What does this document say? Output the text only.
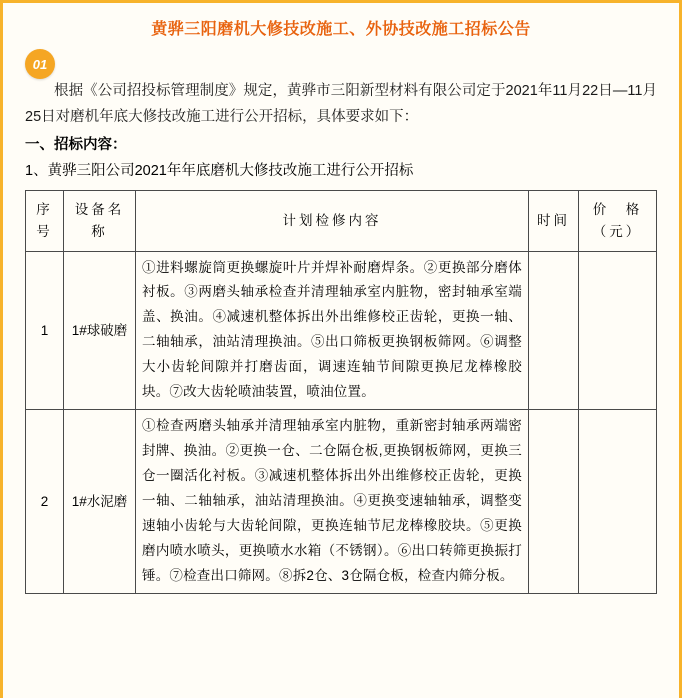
黄骅三阳磨机大修技改施工、外协技改施工招标公告
01

根据《公司招投标管理制度》规定，黄骅市三阳新型材料有限公司定于2021年11月22日—11月25日对磨机年底大修技改施工进行公开招标，具体要求如下：

一、招标内容：

1、黄骅三阳公司2021年年底磨机大修技改施工进行公开招标

序号	设备名称	计划检修内容	时间	价　格（元）
1	1#球破磨	①进料螺旋筒更换螺旋叶片并焊补耐磨焊条。②更换部分磨体衬板。③两磨头轴承检查并清理轴承室内脏物，密封轴承室端盖、换油。④减速机整体拆出外出维修校正齿轮，更换一轴、二轴轴承，油站清理换油。⑤出口筛板更换钢板筛网。⑥调整大小齿轮间隙并打磨齿面，调速连轴节间隙更换尼龙棒橡胶块。⑦改大齿轮喷油装置，喷油位置。		
2	1#水泥磨	①检查两磨头轴承并清理轴承室内脏物，重新密封轴承两端密封牌、换油。②更换一仓、二仓隔仓板,更换钢板筛网，更换三仓一圈活化衬板。③减速机整体拆出外出维修校正齿轮，更换一轴、二轴轴承，油站清理换油。④更换变速轴轴承，调整变速轴小齿轮与大齿轮间隙，更换连轴节尼龙棒橡胶块。⑤更换磨内喷水喷头，更换喷水水箱（不锈钢）。⑥出口转筛更换振打锤。⑦检查出口筛网。⑧拆2仓、3仓隔仓板，检查内筛分板。		
